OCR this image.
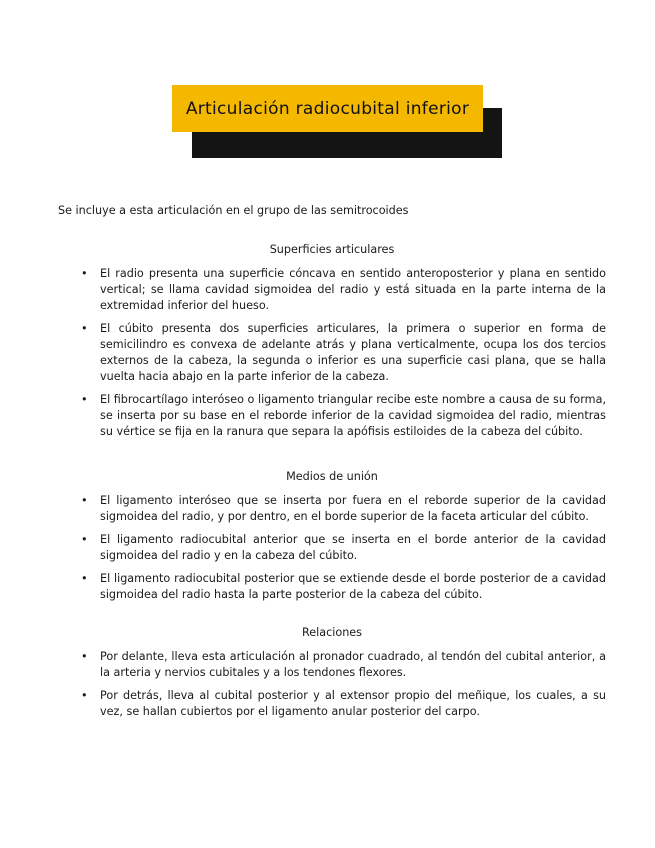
Articulación radiocubital inferior

Se incluye a esta articulación en el grupo de las semitrocoides

Superficies articulares
• El radio presenta una superficie cóncava en sentido anteroposterior y plana en sentido vertical; se llama cavidad sigmoidea del radio y está situada en la parte interna de la extremidad inferior del hueso.
• El cúbito presenta dos superficies articulares, la primera o superior en forma de semicilindro es convexa de adelante atrás y plana verticalmente, ocupa los dos tercios externos de la cabeza, la segunda o inferior es una superficie casi plana, que se halla vuelta hacia abajo en la parte inferior de la cabeza.
• El fibrocartílago interóseo o ligamento triangular recibe este nombre a causa de su forma, se inserta por su base en el reborde inferior de la cavidad sigmoidea del radio, mientras su vértice se fija en la ranura que separa la apófisis estiloides de la cabeza del cúbito.
Medios de unión
• El ligamento interóseo que se inserta por fuera en el reborde superior de la cavidad sigmoidea del radio, y por dentro, en el borde superior de la faceta articular del cúbito.
• El ligamento radiocubital anterior que se inserta en el borde anterior de la cavidad sigmoidea del radio y en la cabeza del cúbito.
• El ligamento radiocubital posterior que se extiende desde el borde posterior de a cavidad sigmoidea del radio hasta la parte posterior de la cabeza del cúbito.
Relaciones
• Por delante, lleva esta articulación al pronador cuadrado, al tendón del cubital anterior, a la arteria y nervios cubitales y a los tendones flexores.
• Por detrás, lleva al cubital posterior y al extensor propio del meñique, los cuales, a su vez, se hallan cubiertos por el ligamento anular posterior del carpo.
